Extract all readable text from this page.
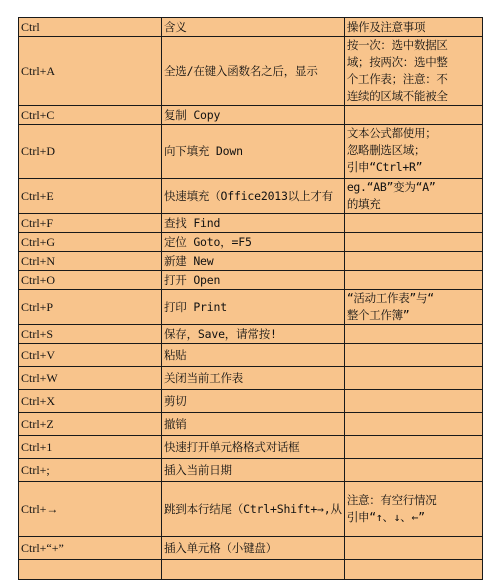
Ctrl	含义	操作及注意事项
Ctrl+A	全选/在键入函数名之后，显示	按一次：选中数据区
域；按两次：选中整
个工作表；注意：不
连续的区域不能被全
Ctrl+C	复制 Copy	
Ctrl+D	向下填充 Down	文本公式都使用；
忽略删选区域；
引申“Ctrl+R”
Ctrl+E	快速填充（Office2013以上才有	eg.“AB”变为“A”
的填充
Ctrl+F	查找 Find	
Ctrl+G	定位 Goto，=F5	
Ctrl+N	新建 New	
Ctrl+O	打开 Open	
Ctrl+P	打印 Print	“活动工作表”与“
整个工作簿”
Ctrl+S	保存，Save，请常按!	
Ctrl+V	粘贴	
Ctrl+W	关闭当前工作表	
Ctrl+X	剪切	
Ctrl+Z	撤销	
Ctrl+1	快速打开单元格格式对话框	
Ctrl+;	插入当前日期	
Ctrl+→	跳到本行结尾（Ctrl+Shift+→,从	注意：有空行情况
引申“↑、↓、←”
Ctrl+“+”	插入单元格（小键盘）	
